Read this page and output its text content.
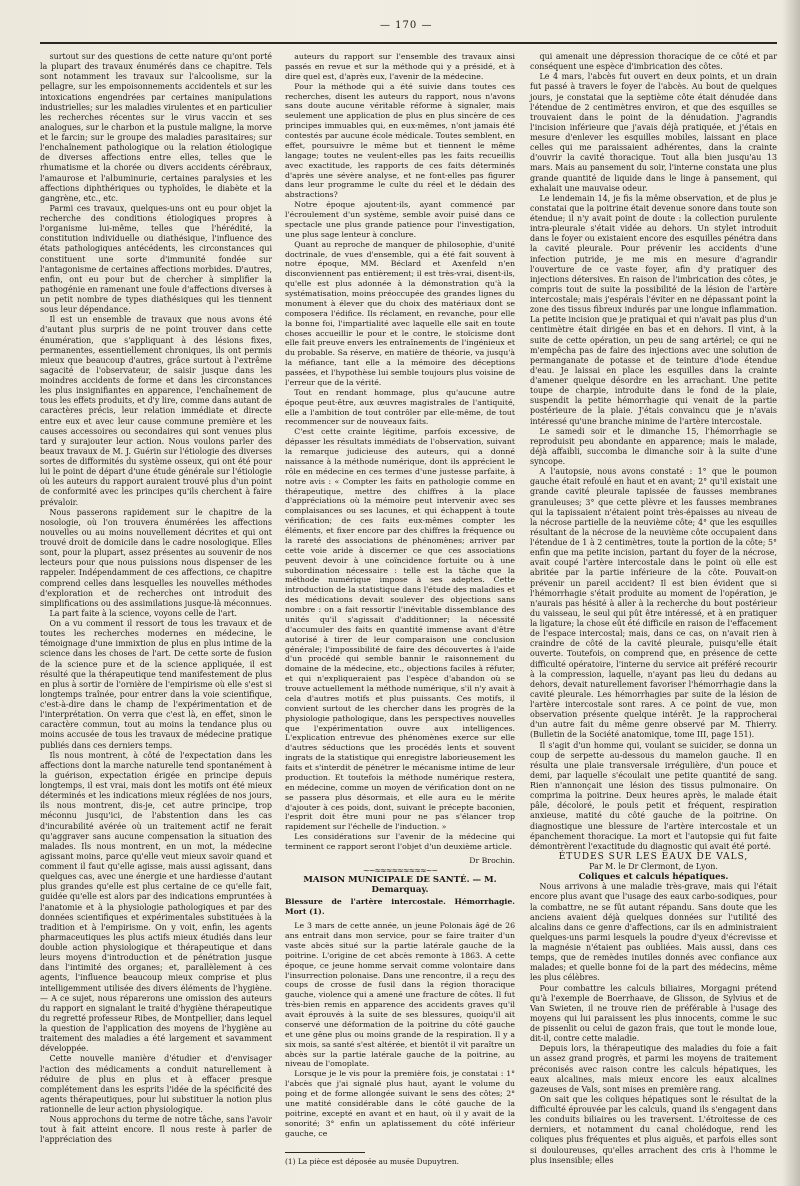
— 170 —

surtout sur des questions de cette nature qu'ont porté la plupart des travaux énumérés dans ce chapitre. Tels sont notamment les travaux sur l'alcoolisme, sur la pellagre, sur les empoisonnements accidentels et sur les intoxications engendrées par certaines manipulations industrielles; sur les maladies virulentes et en particulier les recherches récentes sur le virus vaccin et ses analogues, sur le charbon et la pustule maligne, la morve et le farcin; sur le groupe des maladies parasitaires; sur l'enchaînement pathologique ou la relation étiologique de diverses affections entre elles, telles que le rhumatisme et la chorée ou divers accidents cérébraux, l'amaurose et l'albuminurie, certaines paralysies et les affections diphthériques ou typhoïdes, le diabète et la gangrène, etc., etc.

Parmi ces travaux, quelques-uns ont eu pour objet la recherche des conditions étiologiques propres à l'organisme lui-même, telles que l'hérédité, la constitution individuelle ou diathésique, l'influence des états pathologiques antécédents, les circonstances qui constituent une sorte d'immunité fondée sur l'antagonisme de certaines affections morbides. D'autres, enfin, ont eu pour but de chercher à simplifier la pathogénie en ramenant une foule d'affections diverses à un petit nombre de types diathésiques qui les tiennent sous leur dépendance.

Il est un ensemble de travaux que nous avons été d'autant plus surpris de ne point trouver dans cette énumération, que s'appliquant à des lésions fixes, permanentes, essentiellement chroniques, ils ont permis mieux que beaucoup d'autres, grâce surtout à l'extrême sagacité de l'observateur, de saisir jusque dans les moindres accidents de forme et dans les circonstances les plus insignifiantes en apparence, l'enchaînement de tous les effets produits, et d'y lire, comme dans autant de caractères précis, leur relation immédiate et directe entre eux et avec leur cause commune première et les causes accessoires ou secondaires qui sont venues plus tard y surajouter leur action. Nous voulons parler des beaux travaux de M. J. Guérin sur l'étiologie des diverses sortes de difformités du système osseux, qui ont été pour lui le point de départ d'une étude générale sur l'étiologie où les auteurs du rapport auraient trouvé plus d'un point de conformité avec les principes qu'ils cherchent à faire prévaloir.

Nous passerons rapidement sur le chapitre de la nosologie, où l'on trouvera énumérées les affections nouvelles ou au moins nouvellement décrites et qui ont trouvé droit de domicile dans le cadre nosologique. Elles sont, pour la plupart, assez présentes au souvenir de nos lecteurs pour que nous puissions nous dispenser de les rappeler. Indépendamment de ces affections, ce chapitre comprend celles dans lesquelles les nouvelles méthodes d'exploration et de recherches ont introduit des simplifications ou des assimilations jusque-là méconnues.

La part faite à la science, voyons celle de l'art.

On a vu comment il ressort de tous les travaux et de toutes les recherches modernes en médecine, le témoignage d'une immixtion de plus en plus intime de la science dans les choses de l'art. De cette sorte de fusion de la science pure et de la science appliquée, il est résulté que la thérapeutique tend manifestement de plus en plus à sortir de l'ornière de l'empirisme où elle s'est si longtemps traînée, pour entrer dans la voie scientifique, c'est-à-dire dans le champ de l'expérimentation et de l'interprétation. On verra que c'est là, en effet, sinon le caractère commun, tout au moins la tendance plus ou moins accusée de tous les travaux de médecine pratique publiés dans ces derniers temps.

Ils nous montrent, à côté de l'expectation dans les affections dont la marche naturelle tend spontanément à la guérison, expectation érigée en principe depuis longtemps, il est vrai, mais dont les motifs ont été mieux déterminés et les indications mieux réglées de nos jours, ils nous montrent, dis-je, cet autre principe, trop méconnu jusqu'ici, de l'abstention dans les cas d'incurabilité avérée où un traitement actif ne ferait qu'aggraver sans aucune compensation la situation des malades. Ils nous montrent, en un mot, la médecine agissant moins, parce qu'elle veut mieux savoir quand et comment il faut qu'elle agisse, mais aussi agissant, dans quelques cas, avec une énergie et une hardiesse d'autant plus grandes qu'elle est plus certaine de ce qu'elle fait, guidée qu'elle est alors par des indications empruntées à l'anatomie et à la physiologie pathologiques et par des données scientifiques et expérimentales substituées à la tradition et à l'empirisme. On y voit, enfin, les agents pharmaceutiques les plus actifs mieux étudiés dans leur double action physiologique et thérapeutique et dans leurs moyens d'introduction et de pénétration jusque dans l'intimité des organes; et, parallèlement à ces agents, l'influence beaucoup mieux comprise et plus intelligemment utilisée des divers éléments de l'hygiène. — A ce sujet, nous réparerons une omission des auteurs du rapport en signalant le traité d'hygiène thérapeutique du regretté professeur Ribes, de Montpellier, dans lequel la question de l'application des moyens de l'hygiène au traitement des maladies a été largement et savamment développée.

Cette nouvelle manière d'étudier et d'envisager l'action des médicaments a conduit naturellement à réduire de plus en plus et à effacer presque complétement dans les esprits l'idée de la spécificité des agents thérapeutiques, pour lui substituer la notion plus rationnelle de leur action physiologique.

Nous approchons du terme de notre tâche, sans l'avoir tout à fait atteint encore. Il nous reste à parler de l'appréciation des

auteurs du rapport sur l'ensemble des travaux ainsi passés en revue et sur la méthode qui y a présidé, et à dire quel est, d'après eux, l'avenir de la médecine.

Pour la méthode qui a été suivie dans toutes ces recherches, disent les auteurs du rapport, nous n'avons sans doute aucune véritable réforme à signaler, mais seulement une application de plus en plus sincère de ces principes immuables qui, en eux-mêmes, n'ont jamais été contestés par aucune école médicale. Toutes semblent, en effet, poursuivre le même but et tiennent le même langage; toutes ne veulent-elles pas les faits recueillis avec exactitude, les rapports de ces faits déterminés d'après une sévère analyse, et ne font-elles pas figurer dans leur programme le culte du réel et le dédain des abstractions?

Notre époque ajoutent-ils, ayant commencé par l'écroulement d'un système, semble avoir puisé dans ce spectacle une plus grande patience pour l'investigation, une plus sage lenteur à conclure.

Quant au reproche de manquer de philosophie, d'unité doctrinale, de vues d'ensemble, qui a été fait souvent à notre époque, MM. Béclard et Axenfeld n'en disconviennent pas entièrement; il est très-vrai, disent-ils, qu'elle est plus adonnée à la démonstration qu'à la systématisation, moins préoccupée des grandes lignes du monument à élever que du choix des matériaux dont se composera l'édifice. Ils réclament, en revanche, pour elle la bonne foi, l'impartialité avec laquelle elle sait en toute choses accueillir le pour et le contre, le stoïcisme dont elle fait preuve envers les entraînements de l'ingénieux et du probable. Sa réserve, en matière de théorie, va jusqu'à la méfiance, tant elle a la mémoire des déceptions passées, et l'hypothèse lui semble toujours plus voisine de l'erreur que de la vérité.

Tout en rendant hommage, plus qu'aucune autre époque peut-être, aux œuvres magistrales de l'antiquité, elle a l'ambition de tout contrôler par elle-même, de tout recommencer sur de nouveaux faits.

C'est cette crainte légitime, parfois excessive, de dépasser les résultats immédiats de l'observation, suivant la remarque judicieuse des auteurs, qui a donné naissance à la méthode numérique, dont ils apprécient le rôle en médecine en ces termes d'une justesse parfaite, à notre avis : « Compter les faits en pathologie comme en thérapeutique, mettre des chiffres à la place d'appréciations où la mémoire peut intervenir avec ses complaisances ou ses lacunes, et qui échappent à toute vérification; de ces faits eux-mêmes compter les éléments, et fixer encore par des chiffres la fréquence ou la rareté des associations de phénomènes; arriver par cette voie aride à discerner ce que ces associations peuvent devoir à une coïncidence fortuite ou à une subordination nécessaire : telle est la tâche que la méthode numérique impose à ses adeptes. Cette introduction de la statistique dans l'étude des maladies et des médications devait soulever des objections sans nombre : on a fait ressortir l'inévitable dissemblance des unités qu'il s'agissait d'additionner; la nécessité d'accumuler des faits en quantité immense avant d'être autorisé à tirer de leur comparaison une conclusion générale; l'impossibilité de faire des découvertes à l'aide d'un procédé qui semble bannir le raisonnement du domaine de la médecine, etc., objections faciles à réfuter, et qui n'expliqueraient pas l'espèce d'abandon où se trouve actuellement la méthode numérique, s'il n'y avait à cela d'autres motifs et plus puissants. Ces motifs, il convient surtout de les chercher dans les progrès de la physiologie pathologique, dans les perspectives nouvelles que l'expérimentation ouvre aux intelligences. L'explication entrevue des phénomènes exerce sur elle d'autres séductions que les procédés lents et souvent ingrats de la statistique qui enregistre laborieusement les faits et s'interdit de pénétrer le mécanisme intime de leur production. Et toutefois la méthode numérique restera, en médecine, comme un moyen de vérification dont on ne se passera plus désormais, et elle aura eu le mérite d'ajouter à ces poids, dont, suivant le précepte baconien, l'esprit doit être muni pour ne pas s'élancer trop rapidement sur l'échelle de l'induction. »

Les considérations sur l'avenir de la médecine qui terminent ce rapport seront l'objet d'un deuxième article.

Dr Brochin.

~~≈≈≈≈≈≈≈≈≈~~

MAISON MUNICIPALE DE SANTÉ. — M. Demarquay.

Blessure de l'artère intercostale. Hémorrhagie. Mort (1).

Le 3 mars de cette année, un jeune Polonais âgé de 26 ans entrait dans mon service, pour se faire traiter d'un vaste abcès situé sur la partie latérale gauche de la poitrine. L'origine de cet abcès remonte à 1863. A cette époque, ce jeune homme servait comme volontaire dans l'insurrection polonaise. Dans une rencontre, il a reçu des coups de crosse de fusil dans la région thoracique gauche, violence qui a amené une fracture de côtes. Il fut très-bien remis en apparence des accidents graves qu'il avait éprouvés à la suite de ses blessures, quoiqu'il ait conservé une déformation de la poitrine du côté gauche et une gêne plus ou moins grande de la respiration. Il y a six mois, sa santé s'est altérée, et bientôt il vit paraître un abcès sur la partie latérale gauche de la poitrine, au niveau de l'omoplate.

Lorsque je le vis pour la première fois, je constatai : 1° l'abcès que j'ai signalé plus haut, ayant le volume du poing et de forme allongée suivant le sens des côtes; 2° une matité considérable dans le côté gauche de la poitrine, excepté en avant et en haut, où il y avait de la sonorité; 3° enfin un aplatissement du côté inférieur gauche, ce

(1) La pièce est déposée au musée Dupuytren.

qui amenait une dépression thoracique de ce côté et par conséquent une espèce d'imbrication des côtes.

Le 4 mars, l'abcès fut ouvert en deux points, et un drain fut passé à travers le foyer de l'abcès. Au bout de quelques jours, je constatai que la septième côte était dénudée dans l'étendue de 2 centimètres environ, et que des esquilles se trouvaient dans le point de la dénudation. J'agrandis l'incision inférieure que j'avais déjà pratiquée, et j'étais en mesure d'enlever les esquilles mobiles, laissant en place celles qui me paraissaient adhérentes, dans la crainte d'ouvrir la cavité thoracique. Tout alla bien jusqu'au 13 mars. Mais au pansement du soir, l'interne constata une plus grande quantité de liquide dans le linge à pansement, qui exhalait une mauvaise odeur.

Le lendemain 14, je fis la même observation, et de plus je constatai que la poitrine était devenue sonore dans toute son étendue; il n'y avait point de doute : la collection purulente intra-pleurale s'était vidée au dehors. Un stylet introduit dans le foyer ou existaient encore des esquilles pénétra dans la cavité pleurale. Pour prévenir les accidents d'une infection putride, je me mis en mesure d'agrandir l'ouverture de ce vaste foyer, afin d'y pratiquer des injections détersives. En raison de l'imbrication des côtes, je compris tout de suite la possibilité de la lésion de l'artère intercostale; mais j'espérais l'éviter en ne dépassant point la zone des tissus fibreux indurés par une longue inflammation. La petite incision que je pratiquai et qui n'avait pas plus d'un centimètre était dirigée en bas et en dehors. Il vint, à la suite de cette opération, un peu de sang artériel; ce qui ne m'empêcha pas de faire des injections avec une solution de permanganate de potasse et de teinture d'iode étendue d'eau. Je laissai en place les esquilles dans la crainte d'amener quelque désordre en les arrachant. Une petite toupe de charpie, introduite dans le fond de la plaie, suspendit la petite hémorrhagie qui venait de la partie postérieure de la plaie. J'étais convaincu que je n'avais intéressé qu'une branche minime de l'artère intercostale.

Le samedi soir et le dimanche 15, l'hémorrhagie se reproduisit peu abondante en apparence; mais le malade, déjà affaibli, succomba le dimanche soir à la suite d'une syncope.

A l'autopsie, nous avons constaté : 1° que le poumon gauche était refoulé en haut et en avant; 2° qu'il existait une grande cavité pleurale tapissée de fausses membranes granuleuses; 3° que cette plèvre et les fausses membranes qui la tapissaient n'étaient point très-épaisses au niveau de la nécrose partielle de la neuvième côte; 4° que les esquilles résultant de la nécrose de la neuvième côte occupaient dans l'étendue de 1 à 2 centimètres, toute la portion de la côte; 5° enfin que ma petite incision, partant du foyer de la nécrose, avait coupé l'artère intercostale dans le point où elle est abritée par la partie inférieure de la côte. Pouvait-on prévenir un pareil accident? Il est bien évident que si l'hémorrhagie s'était produite au moment de l'opération, je n'aurais pas hésité à aller à la recherche du bout postérieur du vaisseau, le seul qui pût être intéressé, et à en pratiquer la ligature; la chose eût été difficile en raison de l'effacement de l'espace intercostal; mais, dans ce cas, on n'avait rien à craindre de côté de la cavité pleurale, puisqu'elle était ouverte. Toutefois, on comprend que, en présence de cette difficulté opératoire, l'interne du service ait préféré recourir à la compression, laquelle, n'ayant pas lieu du dedans au dehors, devait naturellement favoriser l'hémorrhagie dans la cavité pleurale. Les hémorrhagies par suite de la lésion de l'artère intercostale sont rares. A ce point de vue, mon observation présente quelque intérêt. Je la rapprocherai d'un autre fait du même genre observé par M. Thierry. (Bulletin de la Société anatomique, tome III, page 151).

Il s'agit d'un homme qui, voulant se suicider, se donna un coup de serpette au-dessous du mamelon gauche. Il en résulta une plaie transversale irrégulière, d'un pouce et demi, par laquelle s'écoulait une petite quantité de sang. Rien n'annonçait une lésion des tissus pulmonaire. On comprima la poitrine. Deux heures après, le malade était pâle, décoloré, le pouls petit et fréquent, respiration anxieuse, matité du côté gauche de la poitrine. On diagnostique une blessure de l'artère intercostale et un épanchement thoracique. La mort et l'autopsie qui fut faite démontrèrent l'exactitude du diagnostic qui avait été porté.

ÉTUDES SUR LES EAUX DE VALS,

Par M. le Dr Clermont, de Lyon.

Coliques et calculs hépatiques.

Nous arrivons à une maladie très-grave, mais qui l'était encore plus avant que l'usage des eaux carbo-sodiques, pour la combattre, ne se fût autant répandu. Sans doute que les anciens avaient déjà quelques données sur l'utilité des alcalins dans ce genre d'affections, car ils en administraient quelques-uns parmi lesquels la poudre d'yeux d'écrevisse et la magnésie n'étaient pas oubliées. Mais aussi, dans ces temps, que de remèdes inutiles donnés avec confiance aux malades; et quelle bonne foi de la part des médecins, même les plus célèbres.

Pour combattre les calculs biliaires, Morgagni prétend qu'à l'exemple de Boerrhaave, de Glisson, de Sylvius et de Van Swieten, il ne trouve rien de préférable à l'usage des moyens qui lui paraissent les plus innocents, comme le suc de pissenlit ou celui de gazon frais, que tout le monde loue, dit-il, contre cette maladie.

Depuis lors, la thérapeutique des maladies du foie a fait un assez grand progrès, et parmi les moyens de traitement préconisés avec raison contre les calculs hépatiques, les eaux alcalines, mais mieux encore les eaux alcalines gazeuses de Vals, sont mises en première rang.

On sait que les coliques hépatiques sont le résultat de la difficulté éprouvée par les calculs, quand ils s'engagent dans les conduits biliaires ou les traversent. L'étroitesse de ces derniers, et notamment du canal cholédoque, rend les coliques plus fréquentes et plus aiguës, et parfois elles sont si douloureuses, qu'elles arrachent des cris à l'homme le plus insensible; elles
